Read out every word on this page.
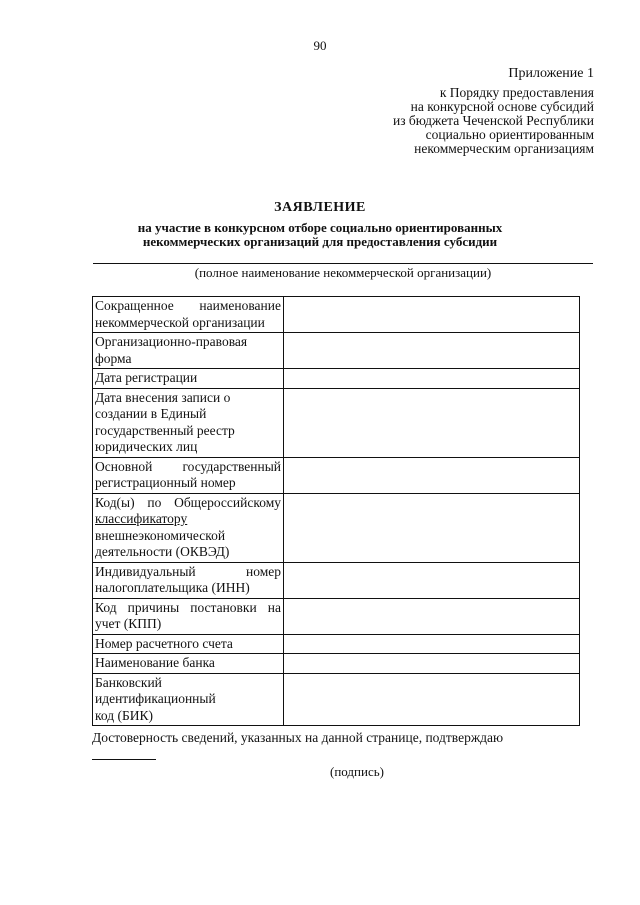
90
Приложение 1
к Порядку предоставления
на конкурсной основе субсидий
из бюджета Чеченской Республики
социально ориентированным
некоммерческим организациям
ЗАЯВЛЕНИЕ
на участие в конкурсном отборе социально ориентированных
некоммерческих организаций для предоставления субсидии
(полное наименование некоммерческой организации)
Сокращенное наименование
некоммерческой организации	

Организационно-правовая
форма	

Дата регистрации	

Дата внесения записи о
создании в Единый
государственный реестр
юридических лиц	

Основной государственный
регистрационный номер	

Код(ы) по Общероссийскому
классификатору
внешнеэкономической
деятельности (ОКВЭД)	

Индивидуальный номер
налогоплательщика (ИНН)	

Код причины постановки на
учет (КПП)	

Номер расчетного счета	

Наименование банка	

Банковский
идентификационный
код (БИК)	

Достоверность сведений, указанных на данной странице, подтверждаю
(подпись)
